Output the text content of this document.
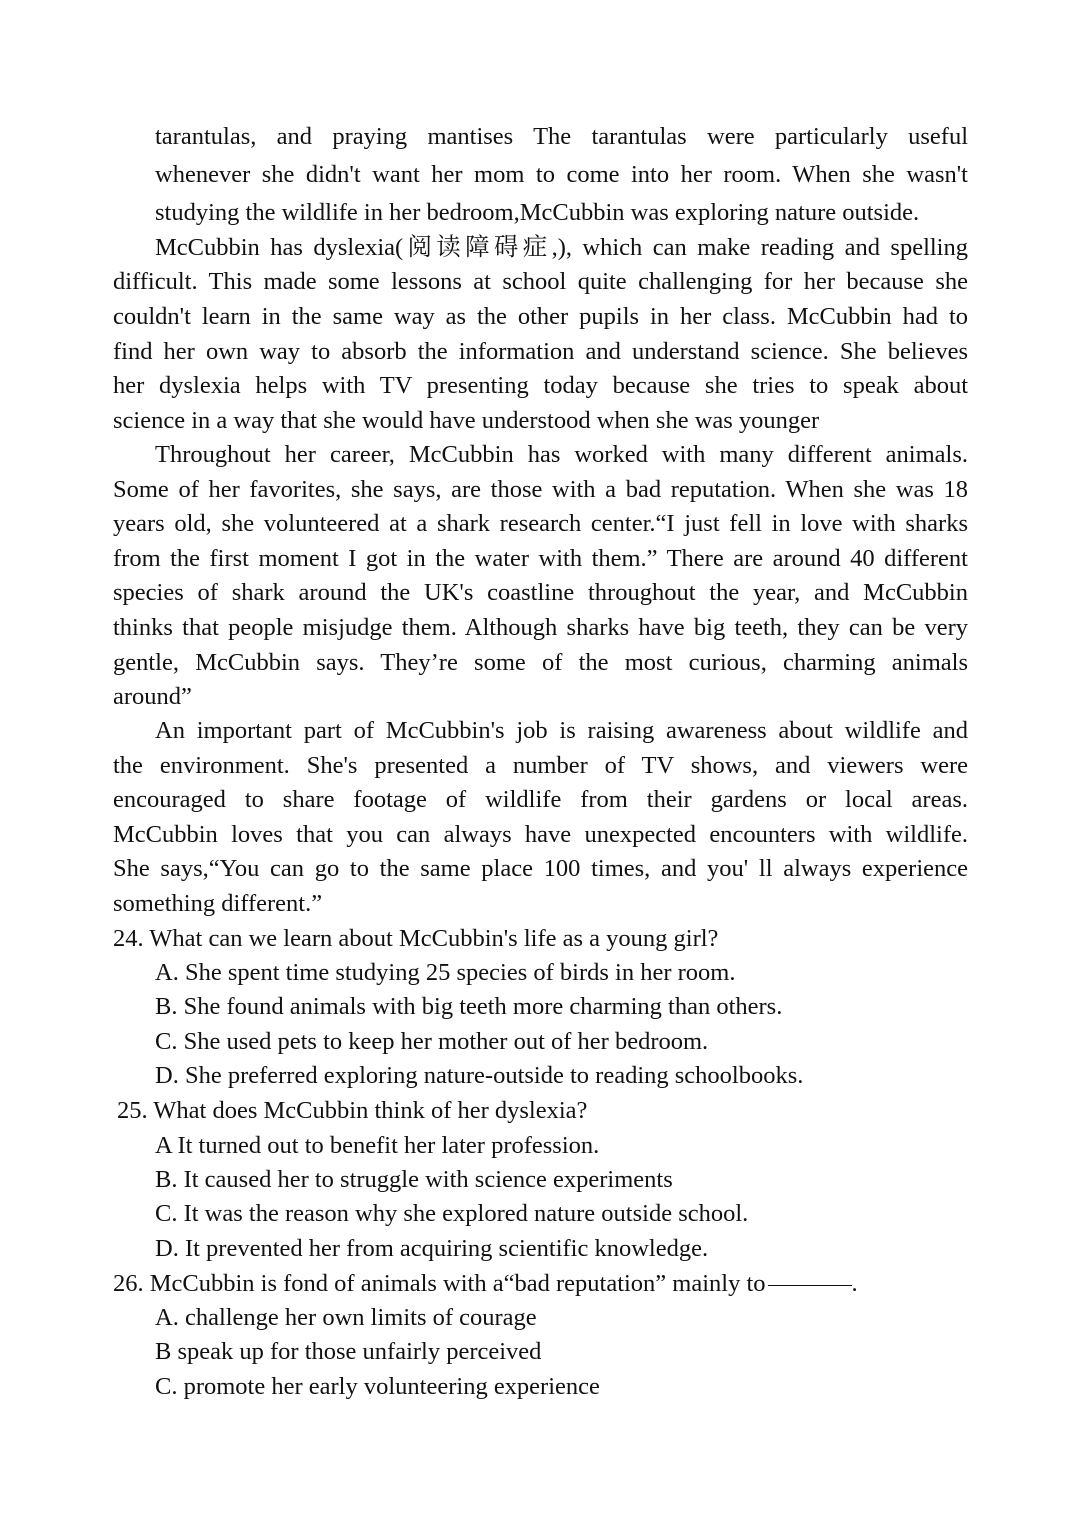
tarantulas, and praying mantises The tarantulas were particularly useful
whenever she didn't want her mom to come into her room. When she wasn't
studying the wildlife in her bedroom,McCubbin was exploring nature outside.
McCubbin has dyslexia(阅读障碍症,), which can make reading and spelling
difficult. This made some lessons at school quite challenging for her because she
couldn't learn in the same way as the other pupils in her class. McCubbin had to
find her own way to absorb the information and understand science. She believes
her dyslexia helps with TV presenting today because she tries to speak about
science in a way that she would have understood when she was younger
Throughout her career, McCubbin has worked with many different animals.
Some of her favorites, she says, are those with a bad reputation. When she was 18
years old, she volunteered at a shark research center.“I just fell in love with sharks
from the first moment I got in the water with them.” There are around 40 different
species of shark around the UK's coastline throughout the year, and McCubbin
thinks that people misjudge them. Although sharks have big teeth, they can be very
gentle, McCubbin says. They’re some of the most curious, charming animals
around”
An important part of McCubbin's job is raising awareness about wildlife and
the environment. She's presented a number of TV shows, and viewers were
encouraged to share footage of wildlife from their gardens or local areas.
McCubbin loves that you can always have unexpected encounters with wildlife.
She says,“You can go to the same place 100 times, and you' ll always experience
something different.”
24. What can we learn about McCubbin's life as a young girl?
A. She spent time studying 25 species of birds in her room.
B. She found animals with big teeth more charming than others.
C. She used pets to keep her mother out of her bedroom.
D. She preferred exploring nature-outside to reading schoolbooks.
25. What does McCubbin think of her dyslexia?
A It turned out to benefit her later profession.
B. It caused her to struggle with science experiments
C. It was the reason why she explored nature outside school.
D. It prevented her from acquiring scientific knowledge.
26. McCubbin is fond of animals with a“bad reputation” mainly to	.
A. challenge her own limits of courage
B speak up for those unfairly perceived
C. promote her early volunteering experience
